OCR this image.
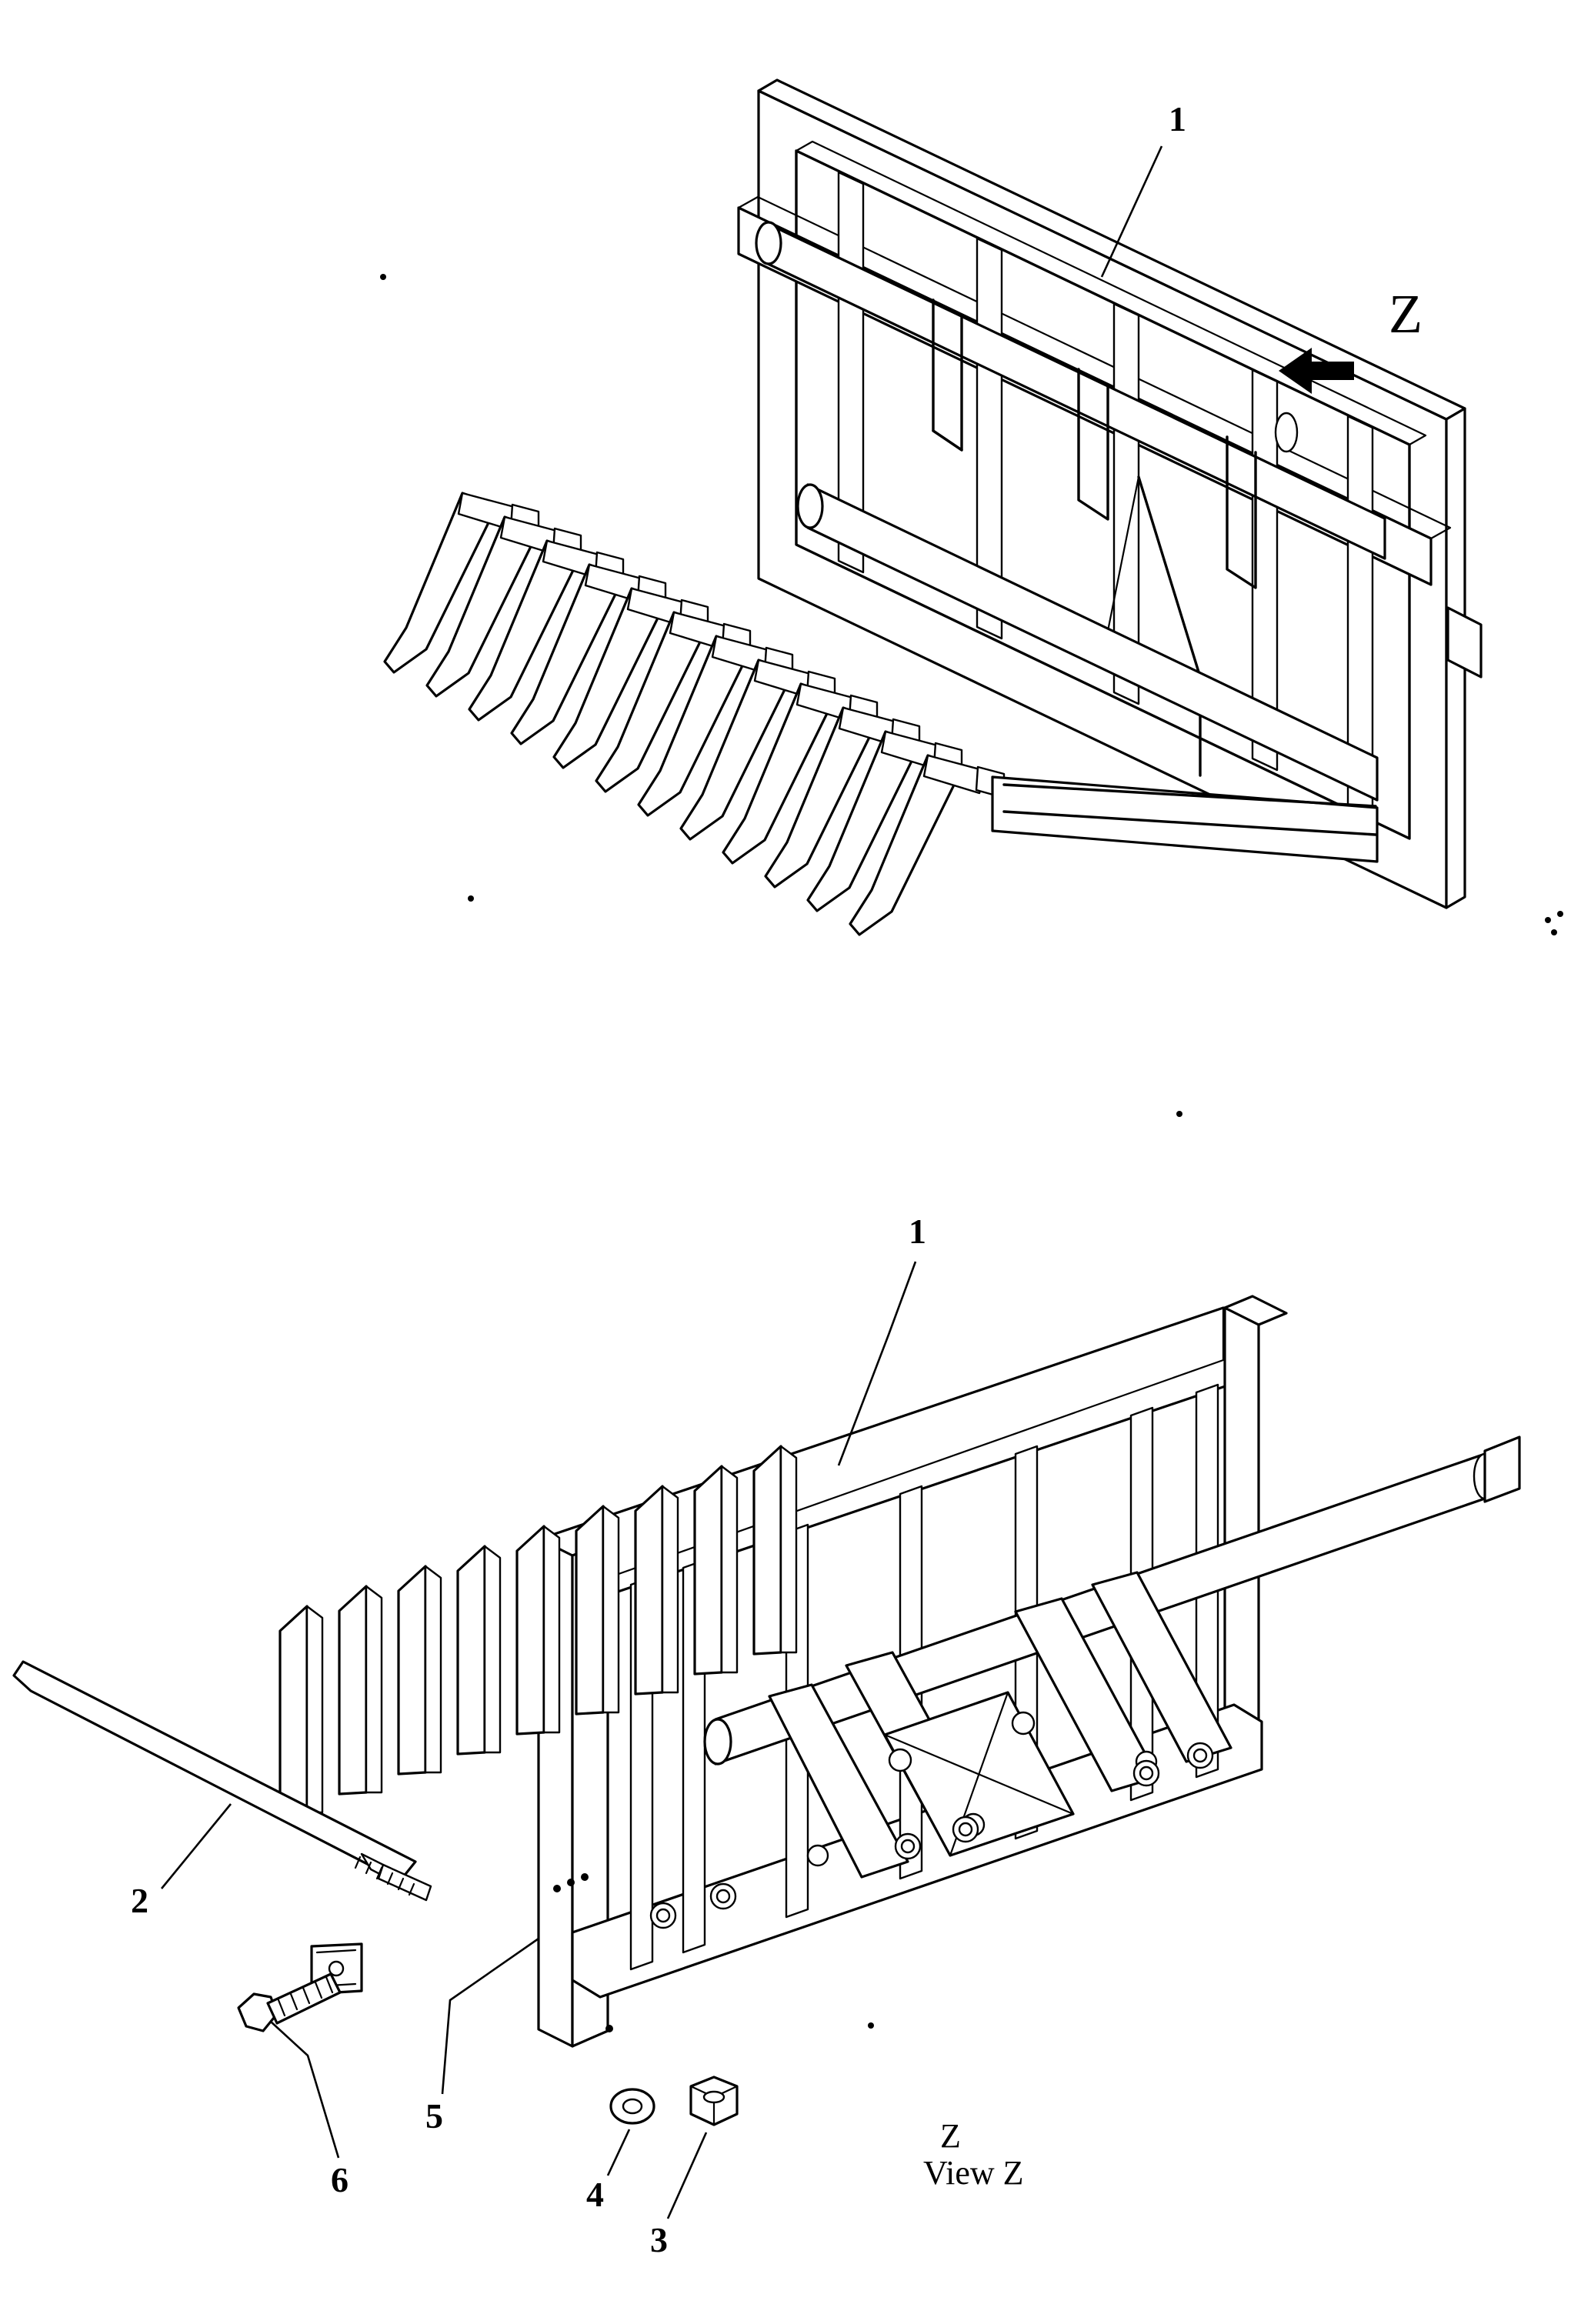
1
Z
1
2
3
4
5
6
Z
View Z
